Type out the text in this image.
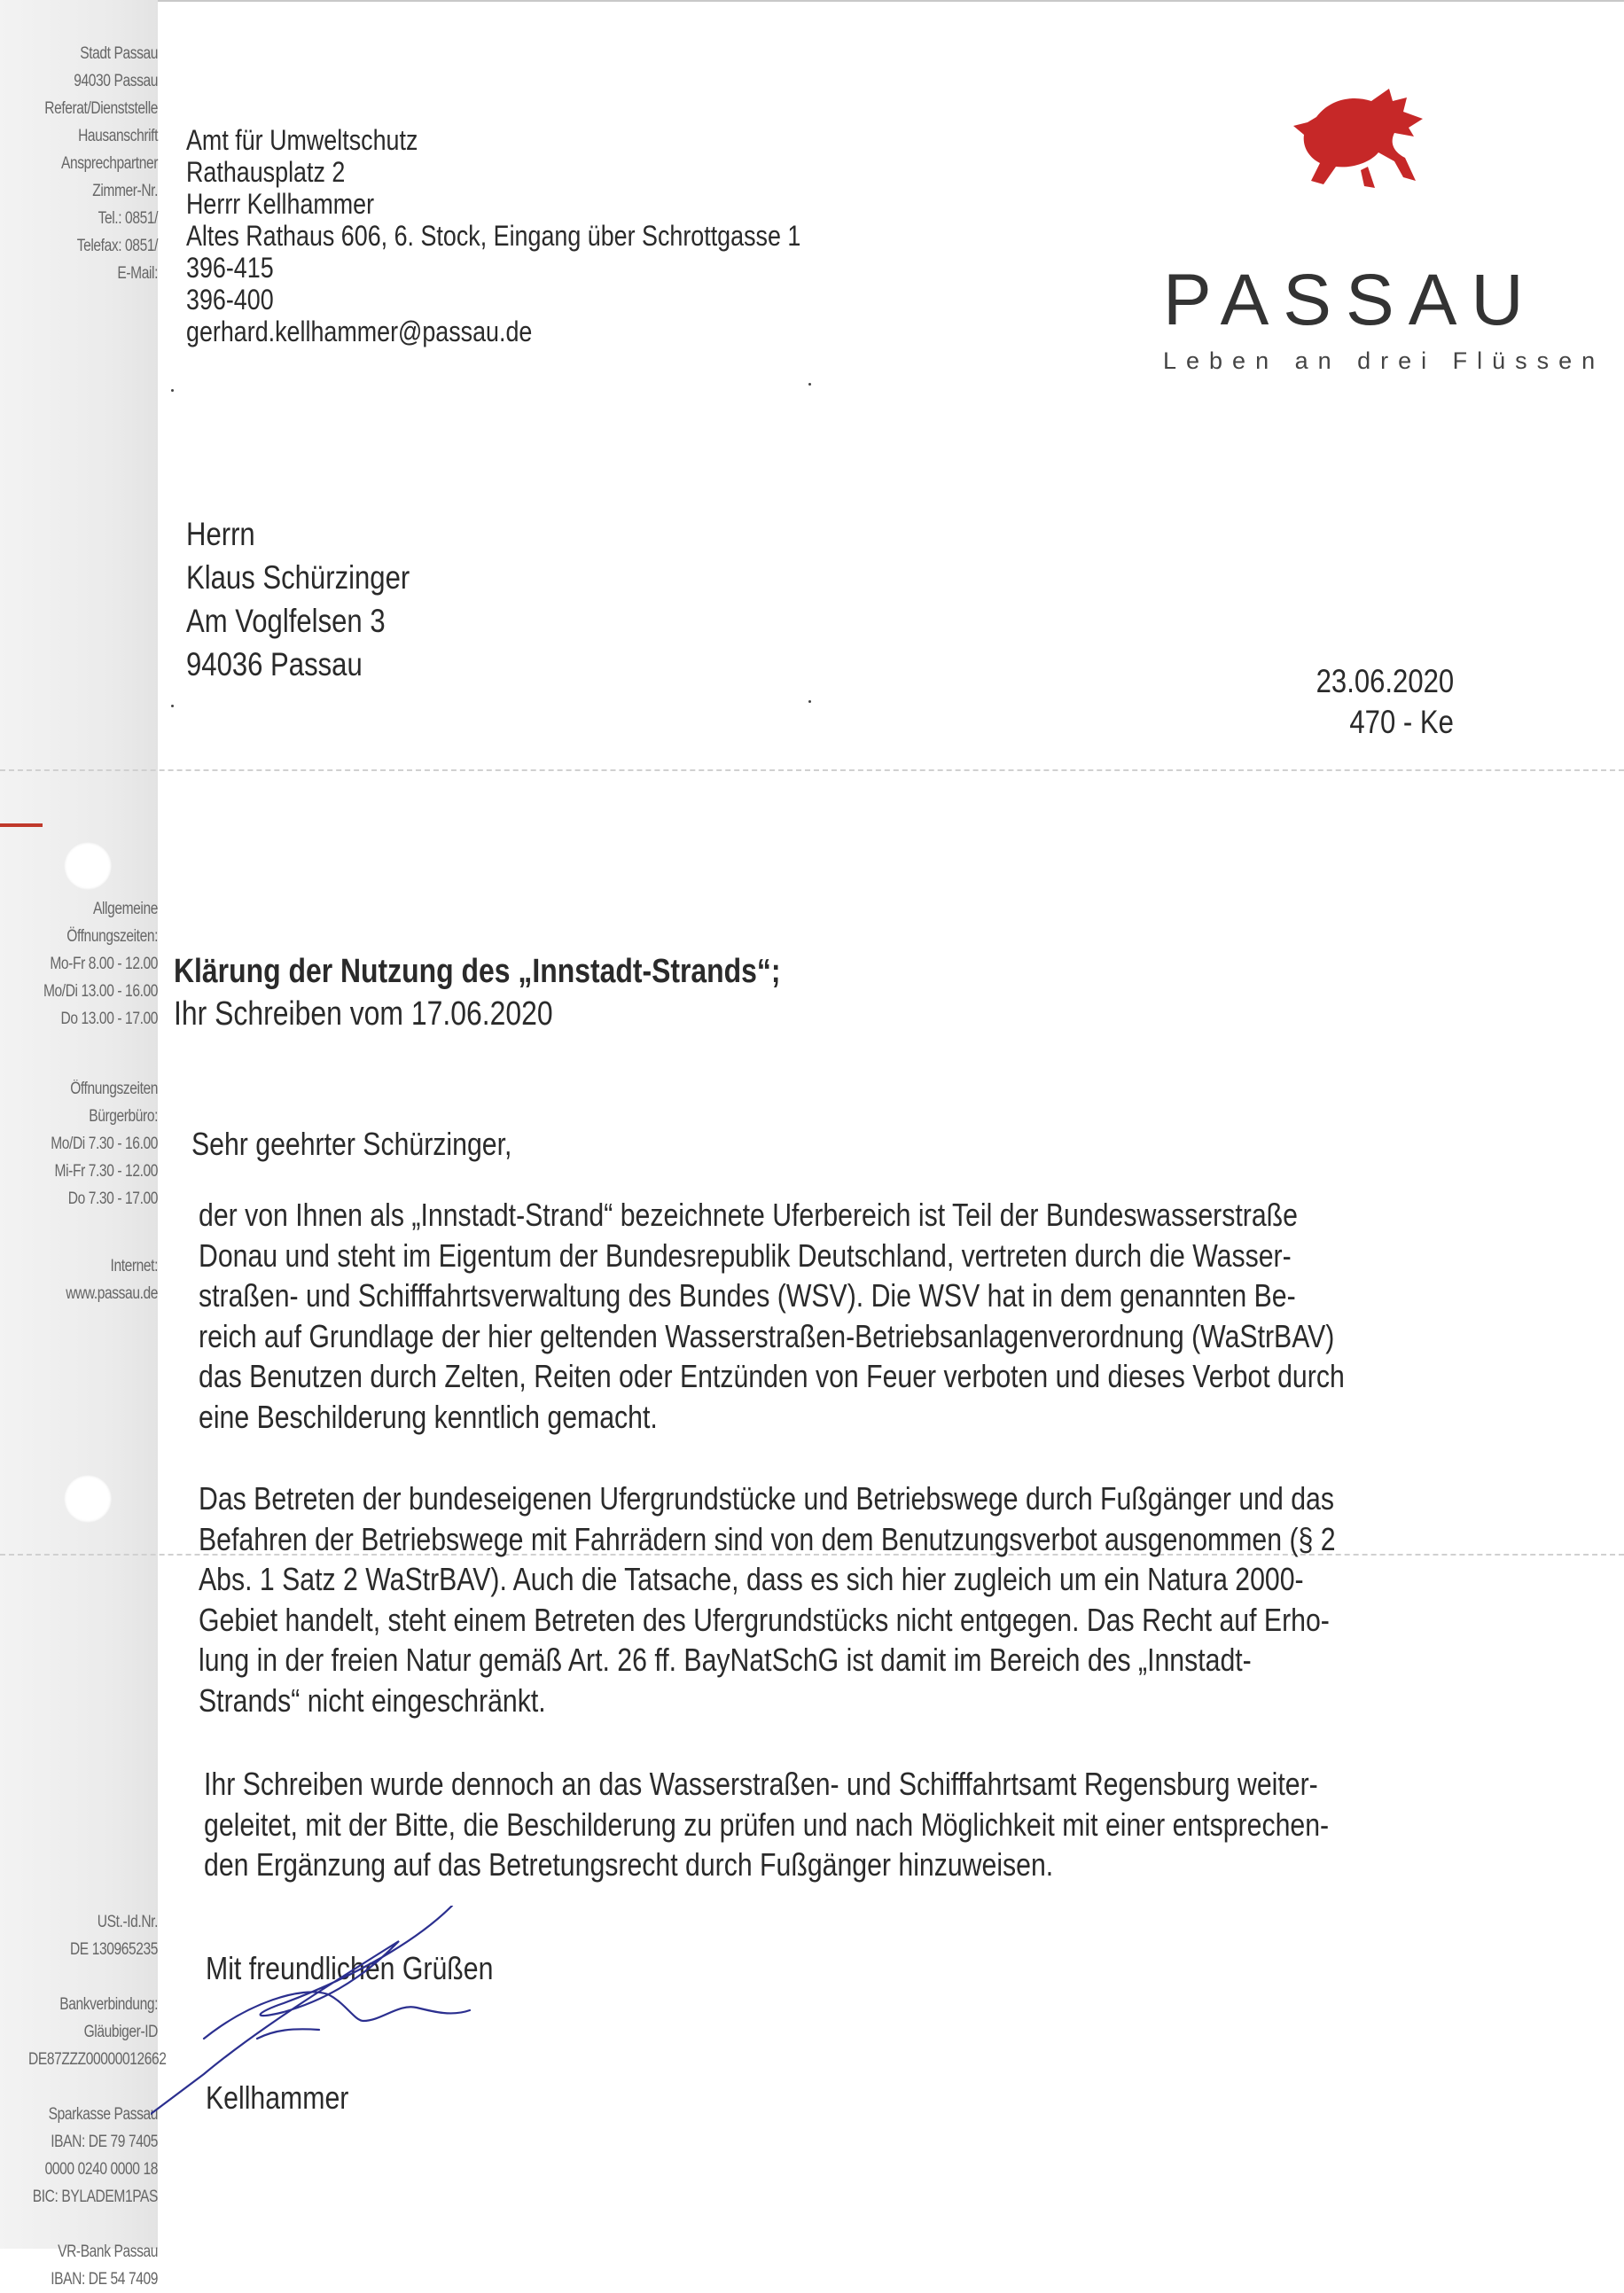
Stadt Passau
94030 Passau
Referat/Dienststelle
Hausanschrift
Ansprechpartner
Zimmer-Nr.
Tel.: 0851/
Telefax: 0851/
E-Mail:
Allgemeine
Öffnungszeiten:
Mo-Fr 8.00 - 12.00
Mo/Di 13.00 - 16.00
Do 13.00 - 17.00
Öffnungszeiten
Bürgerbüro:
Mo/Di 7.30 - 16.00
Mi-Fr 7.30 - 12.00
Do 7.30 - 17.00
Internet:
www.passau.de
USt.-Id.Nr.
DE 130965235

Bankverbindung:
Gläubiger-ID
DE87ZZZ00000012662

Sparkasse Passau
IBAN: DE 79 7405
0000 0240 0000 18
BIC: BYLADEM1PAS

VR-Bank Passau
IBAN: DE 54 7409
Amt für Umweltschutz
Rathausplatz 2
Herrr Kellhammer
Altes Rathaus 606, 6. Stock, Eingang über Schrottgasse 1
396-415
396-400
gerhard.kellhammer@passau.de	PASSAU
Leben an drei Flüssen
Herrn
Klaus Schürzinger
Am Voglfelsen 3
94036 Passau	23.06.2020
470 - Ke
Klärung der Nutzung des „Innstadt-Strands“;
Ihr Schreiben vom 17.06.2020
Sehr geehrter Schürzinger,
der von Ihnen als „Innstadt-Strand“ bezeichnete Uferbereich ist Teil der Bundeswasserstraße
Donau und steht im Eigentum der Bundesrepublik Deutschland, vertreten durch die Wasser-
straßen- und Schifffahrtsverwaltung des Bundes (WSV). Die WSV hat in dem genannten Be-
reich auf Grundlage der hier geltenden Wasserstraßen-Betriebsanlagenverordnung (WaStrBAV)
das Benutzen durch Zelten, Reiten oder Entzünden von Feuer verboten und dieses Verbot durch
eine Beschilderung kenntlich gemacht.
Das Betreten der bundeseigenen Ufergrundstücke und Betriebswege durch Fußgänger und das
Befahren der Betriebswege mit Fahrrädern sind von dem Benutzungsverbot ausgenommen (§ 2
Abs. 1 Satz 2 WaStrBAV). Auch die Tatsache, dass es sich hier zugleich um ein Natura 2000-
Gebiet handelt, steht einem Betreten des Ufergrundstücks nicht entgegen. Das Recht auf Erho-
lung in der freien Natur gemäß Art. 26 ff. BayNatSchG ist damit im Bereich des „Innstadt-
Strands“ nicht eingeschränkt.
Ihr Schreiben wurde dennoch an das Wasserstraßen- und Schifffahrtsamt Regensburg weiter-
geleitet, mit der Bitte, die Beschilderung zu prüfen und nach Möglichkeit mit einer entsprechen-
den Ergänzung auf das Betretungsrecht durch Fußgänger hinzuweisen.
Mit freundlichen Grüßen
Kellhammer
